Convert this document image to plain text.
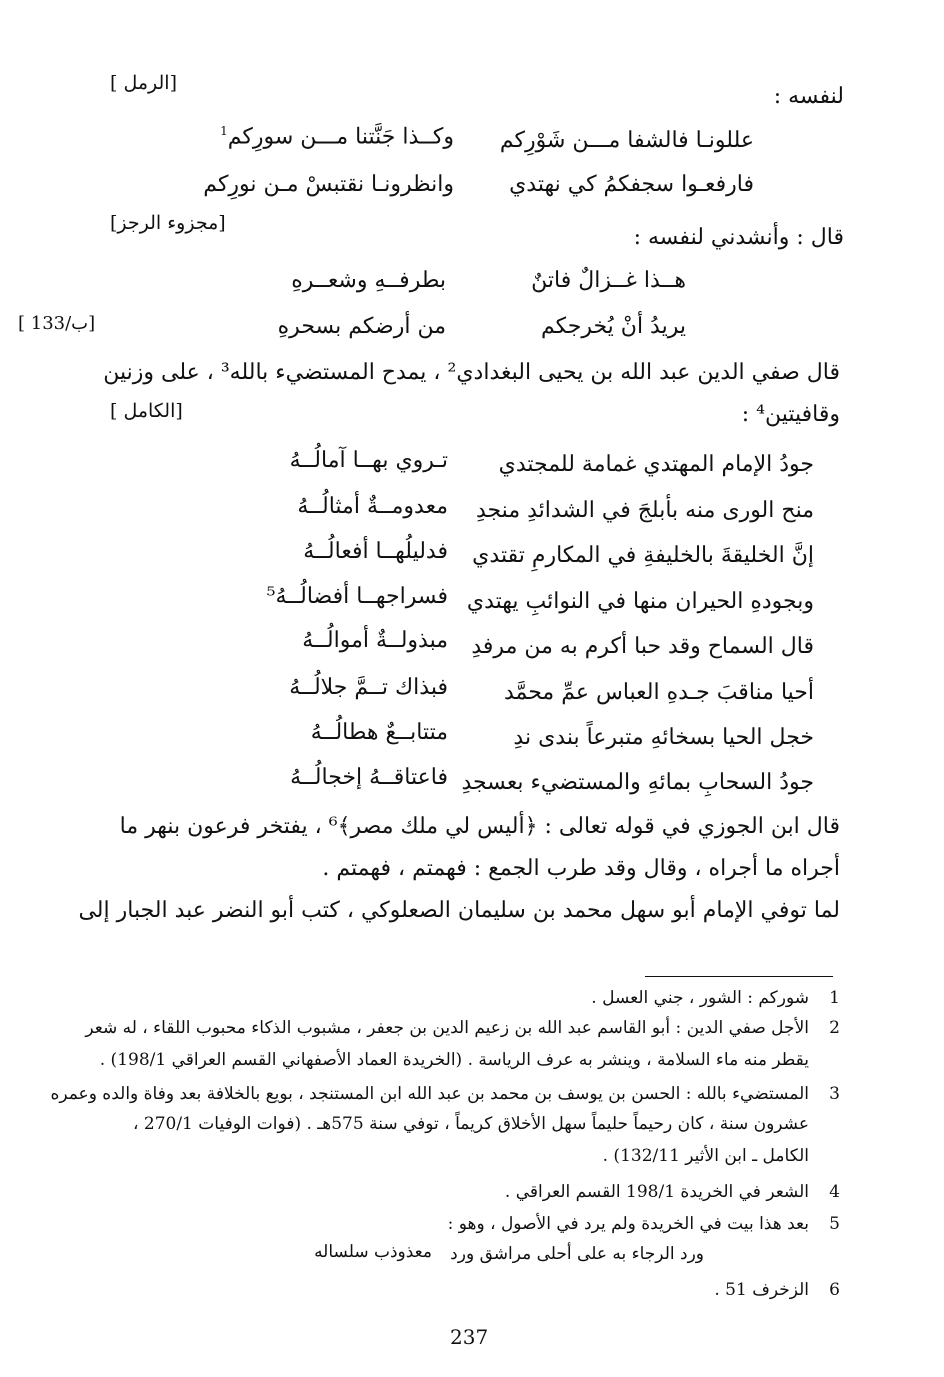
لنفسه :
[ الرمل]
عللونـا فالشفا مـــن شَوْرِكم
وكــذا جَنَّتنا مـــن سورِكم$^1$
فارفعـوا سجفكمُ كي نهتدي
وانظرونـا نقتبسْ مـن نورِكم
قال : وأنشدني لنفسه :
[مجزوء الرجز]
هــذا غــزالٌ فاتنٌ
بطرفــهِ وشعــرهِ
يريدُ أنْ يُخرجكم
من أرضكم بسحرهِ
[ 133/ب]
قال صفي الدين عبد الله بن يحيى البغدادي² ، يمدح المستضيء بالله³ ، على وزنين
وقافيتين⁴ :
[ الكامل]
جودُ الإمام المهتدي غمامة للمجتدي
تـروي بهــا آمالُــهُ
منح الورى منه بأبلجَ في الشدائدِ منجدِ
معدومــةٌ أمثالُــهُ
إنَّ الخليقةَ بالخليفةِ في المكارمِ تقتدي
فدليلُهــا أفعالُــهُ
وبجودهِ الحيران منها في النوائبِ يهتدي
فسراجهــا أفضالُــهُ⁵
قال السماح وقد حبا أكرم به من مرفدِ
مبذولــةٌ أموالُــهُ
أحيا مناقبَ جـدهِ العباس عمِّ محمَّد
فبذاك تــمَّ جلالُــهُ
خجل الحيا بسخائهِ متبرعاً بندى ندِ
متتابــعٌ هطالُــهُ
جودُ السحابِ بمائهِ والمستضيء بعسجدِ
فاعتاقــهُ إخجالُــهُ
قال ابن الجوزي في قوله تعالى : ﴿أليس لي ملك مصر﴾⁶ ، يفتخر فرعون بنهر ما
أجراه ما أجراه ، وقال وقد طرب الجمع : فهمتم ، فهمتم .
لما توفي الإمام أبو سهل محمد بن سليمان الصعلوكي ، كتب أبو النضر عبد الجبار إلى
1
شوركم : الشور ، جني العسل .
2
الأجل صفي الدين : أبو القاسم عبد الله بن زعيم الدين بن جعفر ، مشبوب الذكاء محبوب اللقاء ، له شعر
يقطر منه ماء السلامة ، وينشر به عرف الرياسة . (الخريدة العماد الأصفهاني القسم العراقي 198/1) .
3
المستضيء بالله : الحسن بن يوسف بن محمد بن عبد الله ابن المستنجد ، بويع بالخلافة بعد وفاة والده وعمره
عشرون سنة ، كان رحيماً حليماً سهل الأخلاق كريماً ، توفي سنة 575هـ . (فوات الوفيات 270/1 ،
الكامل ـ ابن الأثير 132/11) .
4
الشعر في الخريدة 198/1 القسم العراقي .
5
بعد هذا بيت في الخريدة ولم يرد في الأصول ، وهو :
ورد الرجاء به على أحلى مراشق ورد
معذوذب سلساله
6
الزخرف 51 .
237
